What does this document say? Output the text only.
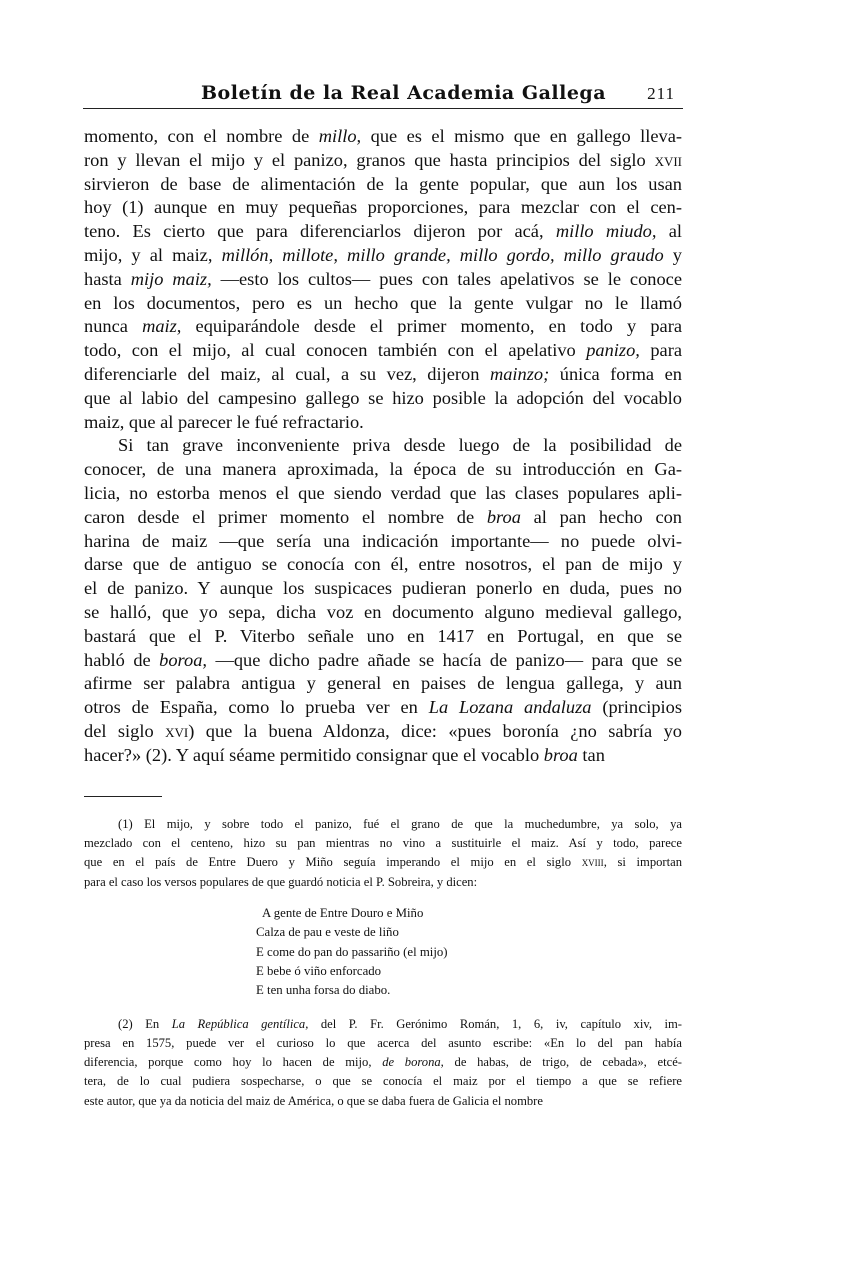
Boletín de la Real Academia Gallega 211
momento, con el nombre de millo, que es el mismo que en gallego lleva-
ron y llevan el mijo y el panizo, granos que hasta principios del siglo xvii
sirvieron de base de alimentación de la gente popular, que aun los usan
hoy (1) aunque en muy pequeñas proporciones, para mezclar con el cen-
teno. Es cierto que para diferenciarlos dijeron por acá, millo miudo, al
mijo, y al maiz, millón, millote, millo grande, millo gordo, millo graudo y
hasta mijo maiz, —esto los cultos— pues con tales apelativos se le conoce
en los documentos, pero es un hecho que la gente vulgar no le llamó
nunca maiz, equiparándole desde el primer momento, en todo y para
todo, con el mijo, al cual conocen también con el apelativo panizo, para
diferenciarle del maiz, al cual, a su vez, dijeron mainzo; única forma en
que al labio del campesino gallego se hizo posible la adopción del vocablo
maiz, que al parecer le fué refractario.
Si tan grave inconveniente priva desde luego de la posibilidad de
conocer, de una manera aproximada, la época de su introducción en Ga-
licia, no estorba menos el que siendo verdad que las clases populares apli-
caron desde el primer momento el nombre de broa al pan hecho con
harina de maiz —que sería una indicación importante— no puede olvi-
darse que de antiguo se conocía con él, entre nosotros, el pan de mijo y
el de panizo. Y aunque los suspicaces pudieran ponerlo en duda, pues no
se halló, que yo sepa, dicha voz en documento alguno medieval gallego,
bastará que el P. Viterbo señale uno en 1417 en Portugal, en que se
habló de boroa, —que dicho padre añade se hacía de panizo— para que se
afirme ser palabra antigua y general en paises de lengua gallega, y aun
otros de España, como lo prueba ver en La Lozana andaluza (principios
del siglo xvi) que la buena Aldonza, dice: «pues boronía ¿no sabría yo
hacer?» (2). Y aquí séame permitido consignar que el vocablo broa tan
(1) El mijo, y sobre todo el panizo, fué el grano de que la muchedumbre, ya solo, ya
mezclado con el centeno, hizo su pan mientras no vino a sustituirle el maiz. Así y todo, parece
que en el país de Entre Duero y Miño seguía imperando el mijo en el siglo xviii, si importan
para el caso los versos populares de que guardó noticia el P. Sobreira, y dicen:
A gente de Entre Douro e Miño
Calza de pau e veste de liño
E come do pan do passariño (el mijo)
E bebe ó viño enforcado
E ten unha forsa do diabo.
(2) En La República gentílica, del P. Fr. Gerónimo Román, 1, 6, iv, capítulo xiv, im-
presa en 1575, puede ver el curioso lo que acerca del asunto escribe: «En lo del pan había
diferencia, porque como hoy lo hacen de mijo, de borona, de habas, de trigo, de cebada», etcé-
tera, de lo cual pudiera sospecharse, o que se conocía el maiz por el tiempo a que se refiere
este autor, que ya da noticia del maiz de América, o que se daba fuera de Galicia el nombre
